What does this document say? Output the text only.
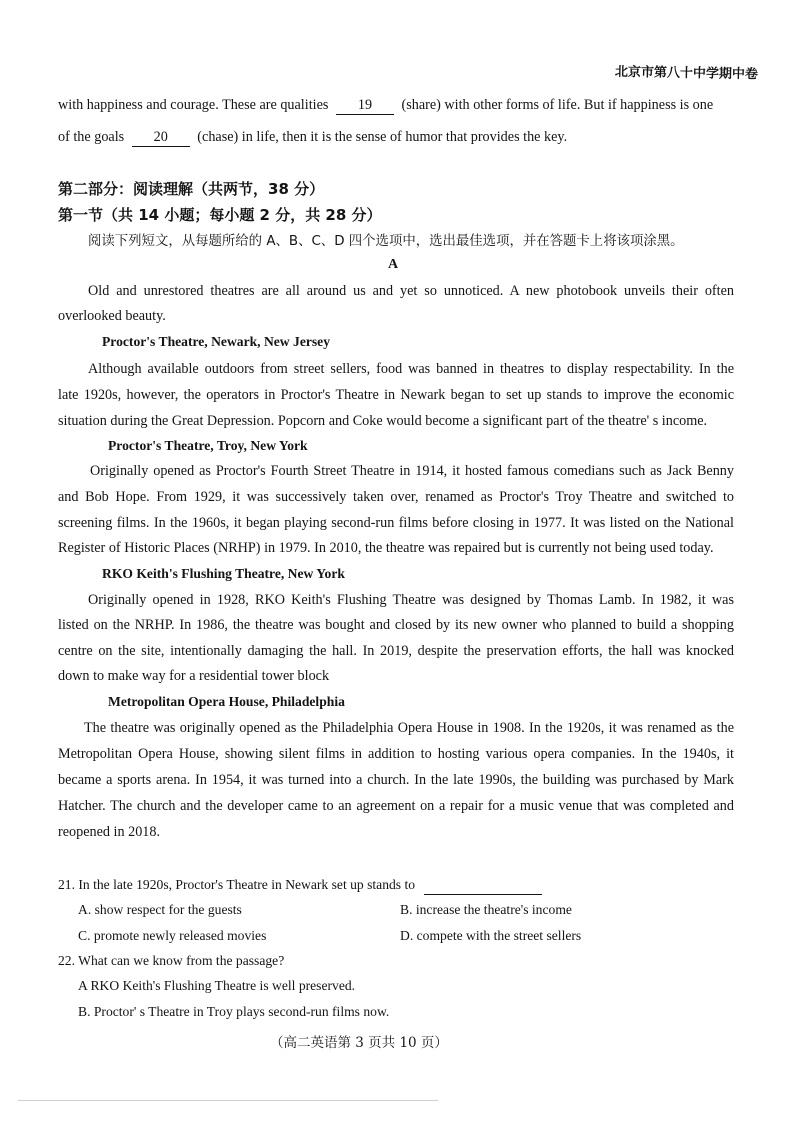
北京市第八十中学期中卷
with happiness and courage. These are qualities 19 (share) with other forms of life. But if happiness is one
of the goals 20 (chase) in life, then it is the sense of humor that provides the key.
第二部分：阅读理解（共两节，38 分）
第一节（共 14 小题；每小题 2 分，共 28 分）
阅读下列短文，从每题所给的 A、B、C、D 四个选项中，选出最佳选项，并在答题卡上将该项涂黑。
A
Old and unrestored theatres are all around us and yet so unnoticed. A new photobook unveils their often
overlooked beauty.
Proctor's Theatre, Newark, New Jersey
Although available outdoors from street sellers, food was banned in theatres to display respectability. In the
late 1920s, however, the operators in Proctor's Theatre in Newark began to set up stands to improve the economic
situation during the Great Depression. Popcorn and Coke would become a significant part of the theatre' s income.
Proctor's Theatre, Troy, New York
Originally opened as Proctor's Fourth Street Theatre in 1914, it hosted famous comedians such as Jack Benny
and Bob Hope. From 1929, it was successively taken over, renamed as Proctor's Troy Theatre and switched to
screening films. In the 1960s, it began playing second-run films before closing in 1977. It was listed on the National
Register of Historic Places (NRHP) in 1979. In 2010, the theatre was repaired but is currently not being used today.
RKO Keith's Flushing Theatre, New York
Originally opened in 1928, RKO Keith's Flushing Theatre was designed by Thomas Lamb. In 1982, it was
listed on the NRHP. In 1986, the theatre was bought and closed by its new owner who planned to build a shopping
centre on the site, intentionally damaging the hall. In 2019, despite the preservation efforts, the hall was knocked
down to make way for a residential tower block
Metropolitan Opera House, Philadelphia
The theatre was originally opened as the Philadelphia Opera House in 1908. In the 1920s, it was renamed as the
Metropolitan Opera House, showing silent films in addition to hosting various opera companies. In the 1940s, it
became a sports arena. In 1954, it was turned into a church. In the late 1990s, the building was purchased by Mark
Hatcher. The church and the developer came to an agreement on a repair for a music venue that was completed and
reopened in 2018.
21. In the late 1920s, Proctor's Theatre in Newark set up stands to
A. show respect for the guests	B. increase the theatre's income
C. promote newly released movies	D. compete with the street sellers
22. What can we know from the passage?
A RKO Keith's Flushing Theatre is well preserved.
B. Proctor' s Theatre in Troy plays second-run films now.
（高二英语第 3 页共 10 页）
